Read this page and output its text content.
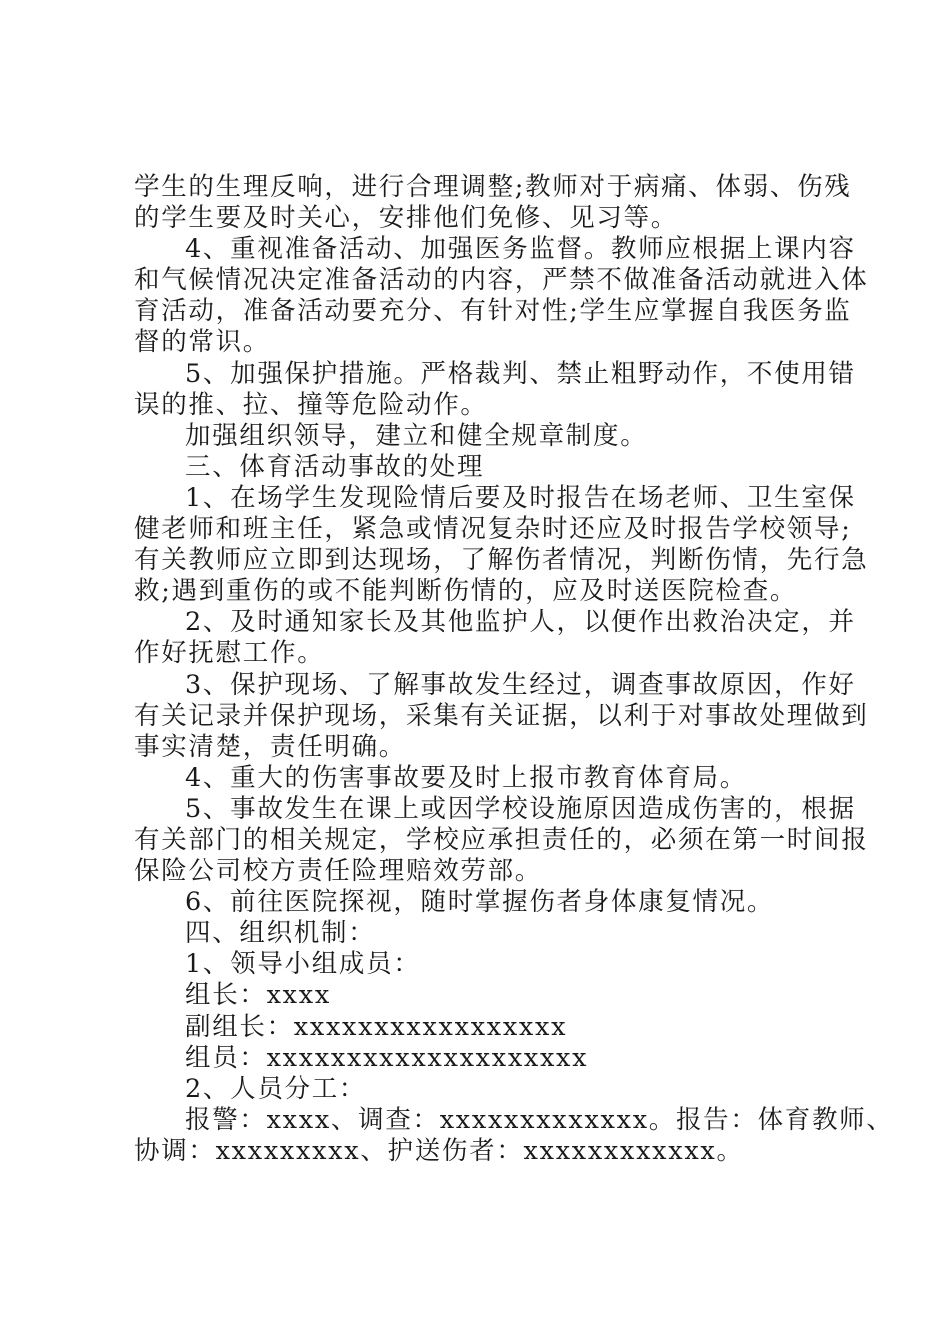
学生的生理反响，进行合理调整;教师对于病痛、体弱、伤残
的学生要及时关心，安排他们免修、见习等。
4、重视准备活动、加强医务监督。教师应根据上课内容
和气候情况决定准备活动的内容，严禁不做准备活动就进入体
育活动，准备活动要充分、有针对性;学生应掌握自我医务监
督的常识。
5、加强保护措施。严格裁判、禁止粗野动作，不使用错
误的推、拉、撞等危险动作。
加强组织领导，建立和健全规章制度。
三、体育活动事故的处理
1、在场学生发现险情后要及时报告在场老师、卫生室保
健老师和班主任，紧急或情况复杂时还应及时报告学校领导;
有关教师应立即到达现场，了解伤者情况，判断伤情，先行急
救;遇到重伤的或不能判断伤情的，应及时送医院检查。
2、及时通知家长及其他监护人，以便作出救治决定，并
作好抚慰工作。
3、保护现场、了解事故发生经过，调查事故原因，作好
有关记录并保护现场，采集有关证据，以利于对事故处理做到
事实清楚，责任明确。
4、重大的伤害事故要及时上报市教育体育局。
5、事故发生在课上或因学校设施原因造成伤害的，根据
有关部门的相关规定，学校应承担责任的，必须在第一时间报
保险公司校方责任险理赔效劳部。
6、前往医院探视，随时掌握伤者身体康复情况。
四、组织机制：
1、领导小组成员：
组长：xxxx
副组长：xxxxxxxxxxxxxxxxx
组员：xxxxxxxxxxxxxxxxxxxx
2、人员分工：
报警：xxxx、调查：xxxxxxxxxxxxx。报告：体育教师、
协调：xxxxxxxxx、护送伤者：xxxxxxxxxxxx。
